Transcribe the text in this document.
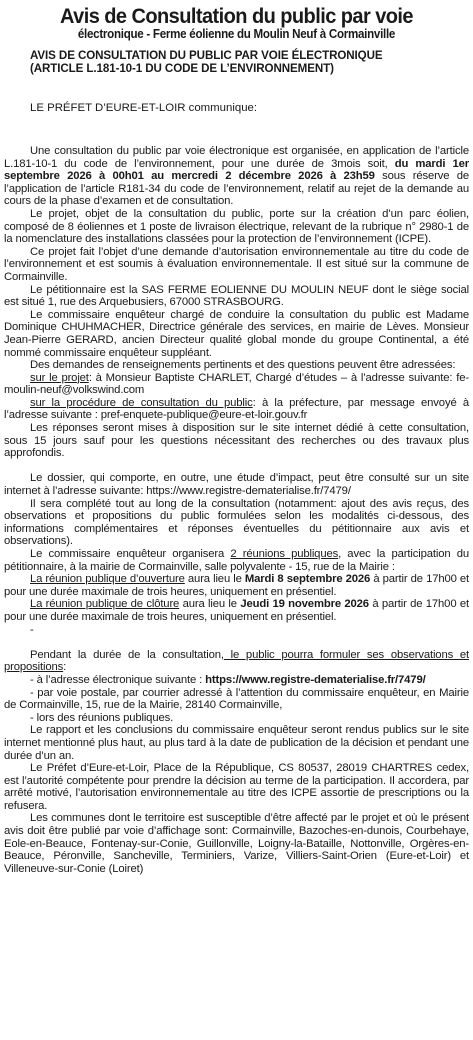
Avis de Consultation du public par voie
électronique - Ferme éolienne du Moulin Neuf à Cormainville
AVIS DE CONSULTATION DU PUBLIC PAR VOIE ÉLECTRONIQUE
(ARTICLE L.181-10-1 DU CODE DE L’ENVIRONNEMENT)
LE PRÉFET D’EURE-ET-LOIR communique:

Une consultation du public par voie électronique est organisée, en application de l’article L.181-10-1 du code de l’environnement, pour une durée de 3mois soit, du mardi 1er septembre 2026 à 00h01 au mercredi 2 décembre 2026 à 23h59 sous réserve de l’application de l’article R181-34 du code de l’environnement, relatif au rejet de la demande au cours de la phase d’examen et de consultation.

Le projet, objet de la consultation du public, porte sur la création d’un parc éolien, composé de 8 éoliennes et 1 poste de livraison électrique, relevant de la rubrique n° 2980-1 de la nomenclature des installations classées pour la protection de l’environnement (ICPE).

Ce projet fait l’objet d’une demande d’autorisation environnementale au titre du code de l’environnement et est soumis à évaluation environnementale. Il est situé sur la commune de Cormainville.

Le pétitionnaire est la SAS FERME EOLIENNE DU MOULIN NEUF dont le siège social est situé 1, rue des Arquebusiers, 67000 STRASBOURG.

Le commissaire enquêteur chargé de conduire la consultation du public est Madame Dominique CHUHMACHER, Directrice générale des services, en mairie de Lèves. Monsieur Jean-Pierre GERARD, ancien Directeur qualité global monde du groupe Continental, a été nommé commissaire enquêteur suppléant.

Des demandes de renseignements pertinents et des questions peuvent être adressées:

sur le projet: à Monsieur Baptiste CHARLET, Chargé d’études – à l’adresse suivante: fe-moulin-neuf@volkswind.com

sur la procédure de consultation du public: à la préfecture, par message envoyé à l’adresse suivante : pref-enquete-publique@eure-et-loir.gouv.fr

Les réponses seront mises à disposition sur le site internet dédié à cette consultation, sous 15 jours sauf pour les questions nécessitant des recherches ou des travaux plus approfondis.

Le dossier, qui comporte, en outre, une étude d’impact, peut être consulté sur un site internet à l’adresse suivante: https://www.registre-dematerialise.fr/7479/

Il sera complété tout au long de la consultation (notamment: ajout des avis reçus, des observations et propositions du public formulées selon les modalités ci-dessous, des informations complémentaires et réponses éventuelles du pétitionnaire aux avis et observations).

Le commissaire enquêteur organisera 2 réunions publiques, avec la participation du pétitionnaire, à la mairie de Cormainville, salle polyvalente - 15, rue de la Mairie :

La réunion publique d’ouverture aura lieu le Mardi 8 septembre 2026 à partir de 17h00 et pour une durée maximale de trois heures, uniquement en présentiel.

La réunion publique de clôture aura lieu le Jeudi 19 novembre 2026 à partir de 17h00 et pour une durée maximale de trois heures, uniquement en présentiel.

-

Pendant la durée de la consultation, le public pourra formuler ses observations et propositions:

- à l’adresse électronique suivante : https://www.registre-dematerialise.fr/7479/

- par voie postale, par courrier adressé à l’attention du commissaire enquêteur, en Mairie de Cormainville, 15, rue de la Mairie, 28140 Cormainville,

- lors des réunions publiques.

Le rapport et les conclusions du commissaire enquêteur seront rendus publics sur le site internet mentionné plus haut, au plus tard à la date de publication de la décision et pendant une durée d’un an.

Le Préfet d’Eure-et-Loir, Place de la République, CS 80537, 28019 CHARTRES cedex, est l’autorité compétente pour prendre la décision au terme de la participation. Il accordera, par arrêté motivé, l’autorisation environnementale au titre des ICPE assortie de prescriptions ou la refusera.

Les communes dont le territoire est susceptible d’être affecté par le projet et où le présent avis doit être publié par voie d’affichage sont: Cormainville, Bazoches-en-dunois, Courbehaye, Eole-en-Beauce, Fontenay-sur-Conie, Guillonville, Loigny-la-Bataille, Nottonville, Orgères-en-Beauce, Péronville, Sancheville, Terminiers, Varize, Villiers-Saint-Orien (Eure-et-Loir) et Villeneuve-sur-Conie (Loiret)
